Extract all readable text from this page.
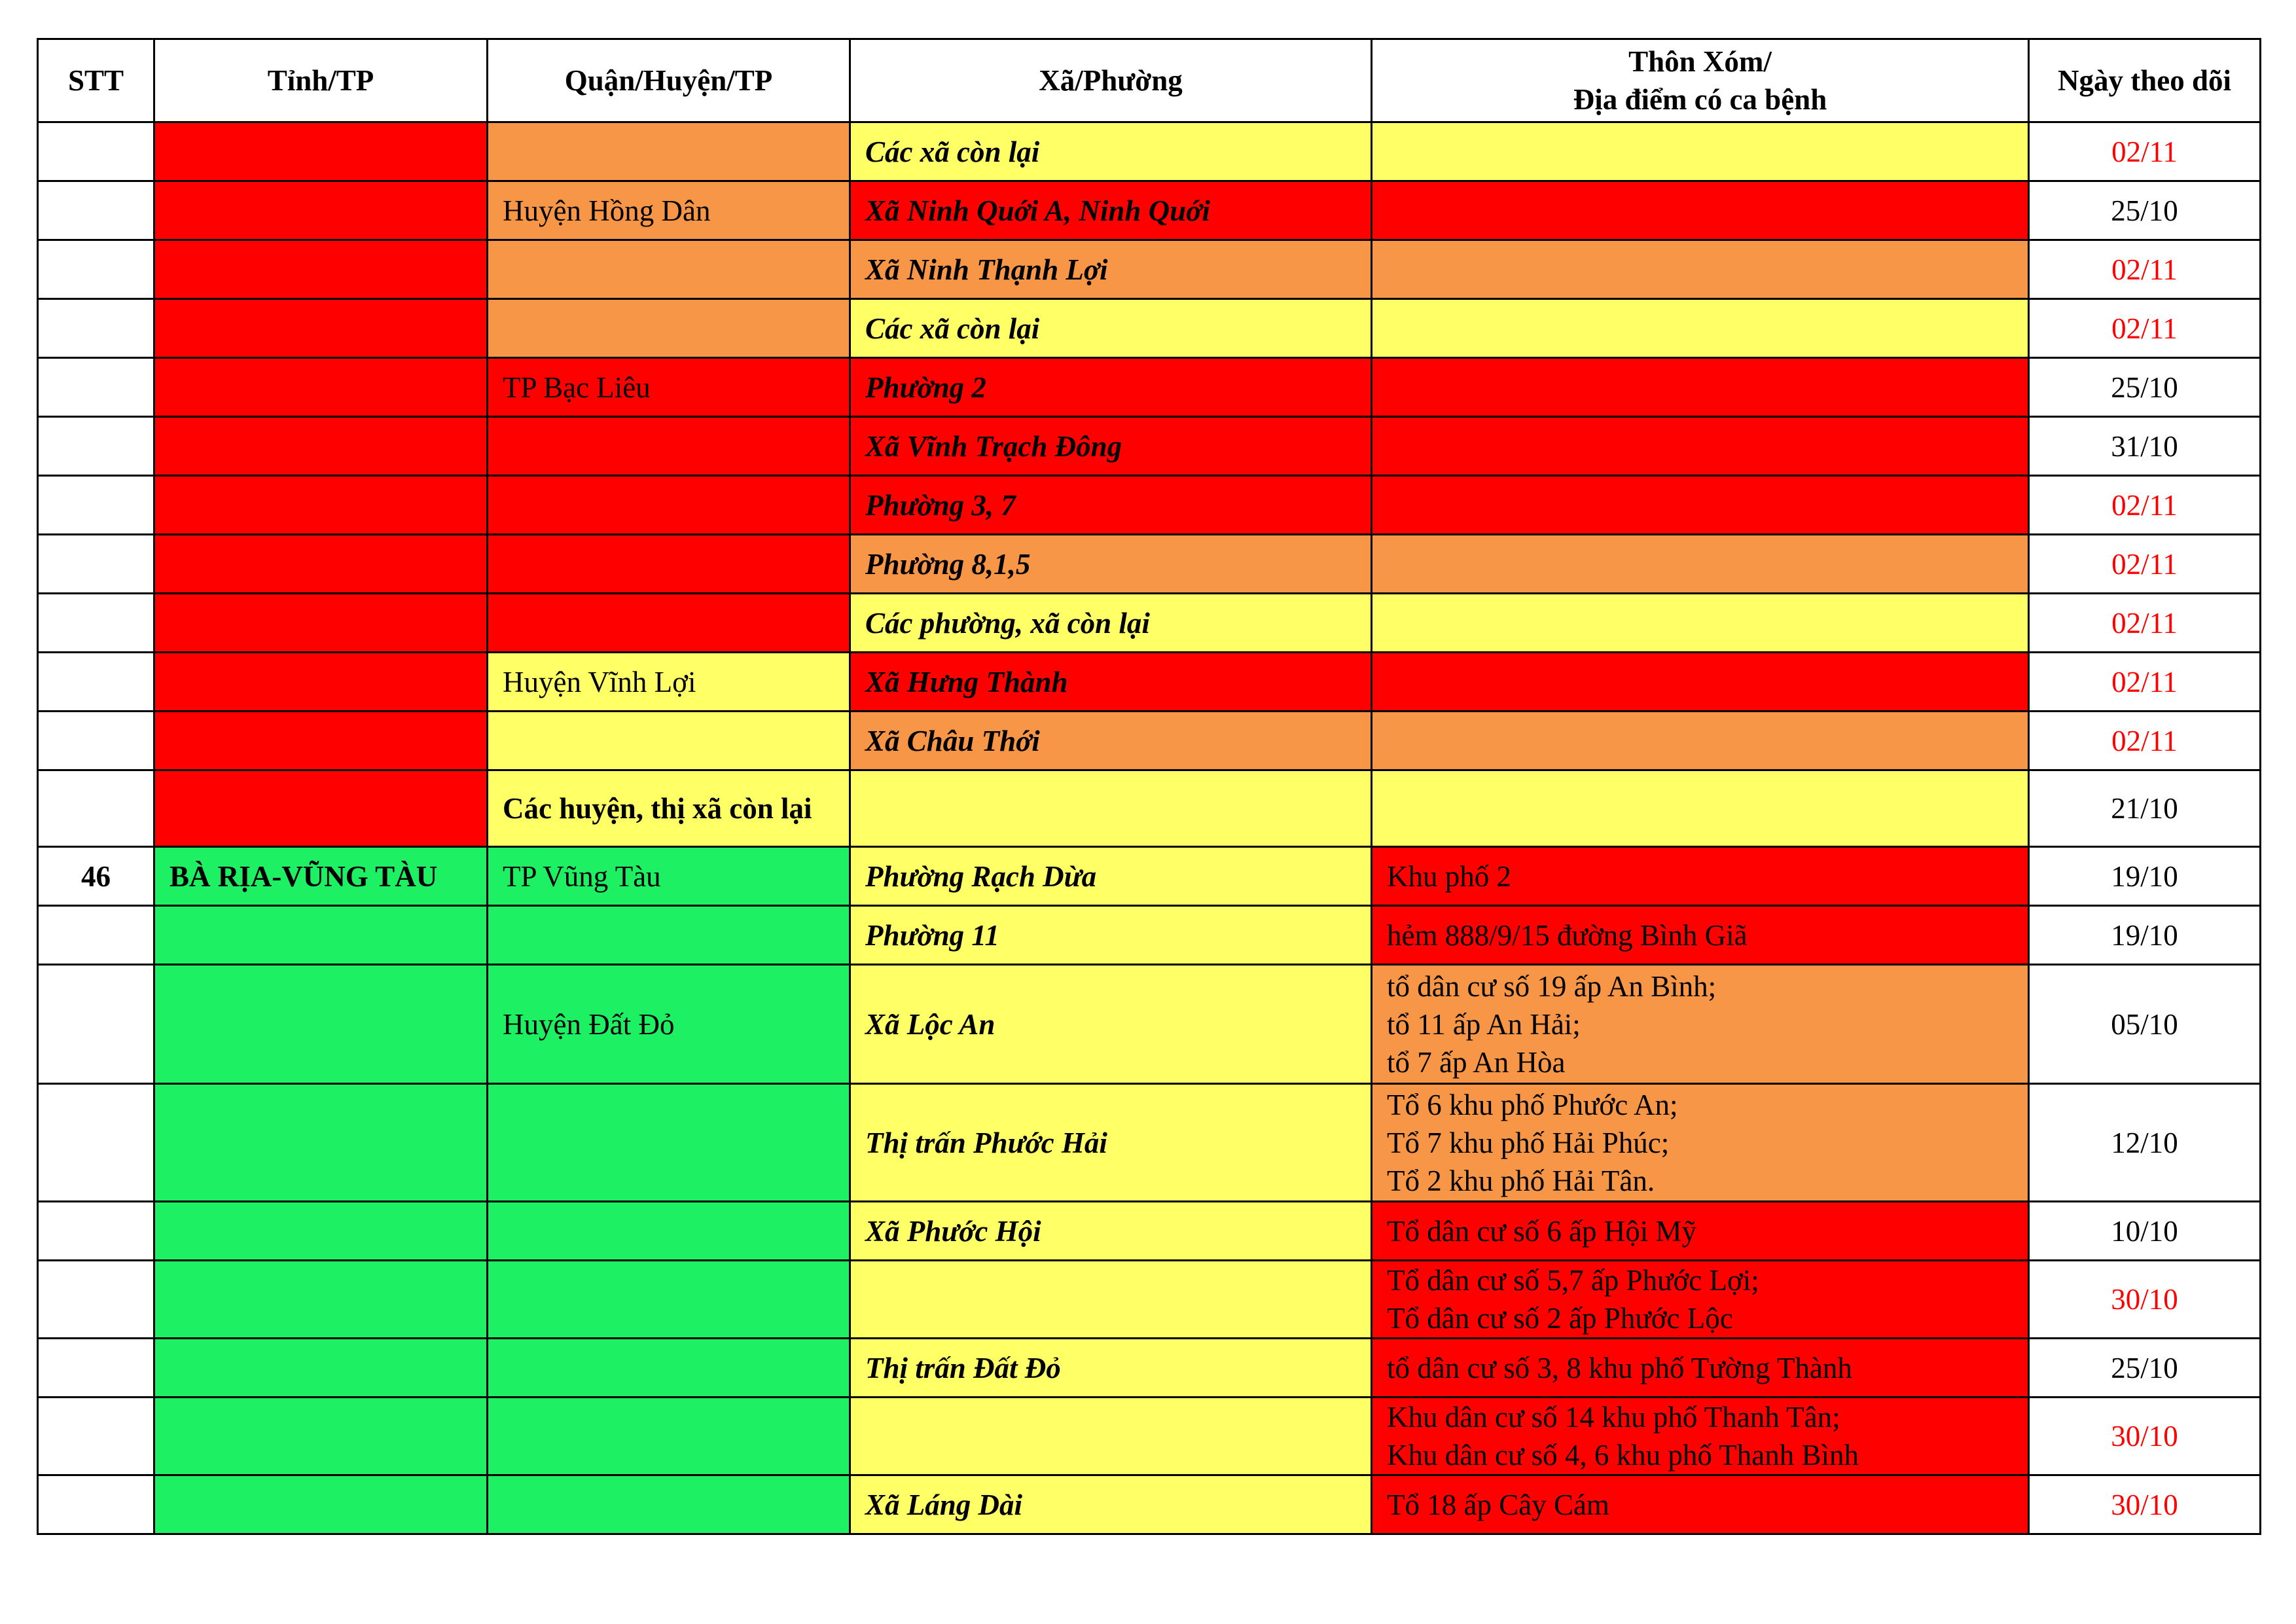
STT	Tỉnh/TP	Quận/Huyện/TP	Xã/Phường	Thôn Xóm/
Địa điểm có ca bệnh	Ngày theo dõi
			Các xã còn lại		02/11
		Huyện Hồng Dân	Xã Ninh Quới A, Ninh Quới		25/10
			Xã Ninh Thạnh Lợi		02/11
			Các xã còn lại		02/11
		TP Bạc Liêu	Phường 2		25/10
			Xã Vĩnh Trạch Đông		31/10
			Phường 3, 7		02/11
			Phường 8,1,5		02/11
			Các phường, xã còn lại		02/11
		Huyện Vĩnh Lợi	Xã Hưng Thành		02/11
			Xã Châu Thới		02/11
		Các huyện, thị xã còn lại			21/10
46	BÀ RỊA-VŨNG TÀU	TP Vũng Tàu	Phường Rạch Dừa	Khu phố 2	19/10
			Phường 11	hẻm 888/9/15 đường Bình Giã	19/10
		Huyện Đất Đỏ	Xã Lộc An	tổ dân cư số 19 ấp An Bình;
tổ 11 ấp An Hải;
tổ 7 ấp An Hòa	05/10
			Thị trấn Phước Hải	Tổ 6 khu phố Phước An;
Tổ 7 khu phố Hải Phúc;
Tổ 2 khu phố Hải Tân.	12/10
			Xã Phước Hội	Tổ dân cư số 6 ấp Hội Mỹ	10/10

				Tổ dân cư số 5,7 ấp Phước Lợi;
Tổ dân cư số 2 ấp Phước Lộc	30/10
			Thị trấn Đất Đỏ	tổ dân cư số 3, 8 khu phố Tường Thành	25/10

				Khu dân cư số 14 khu phố Thanh Tân;
Khu dân cư số 4, 6 khu phố Thanh Bình	30/10
			Xã Láng Dài	Tổ 18 ấp Cây Cám	30/10
